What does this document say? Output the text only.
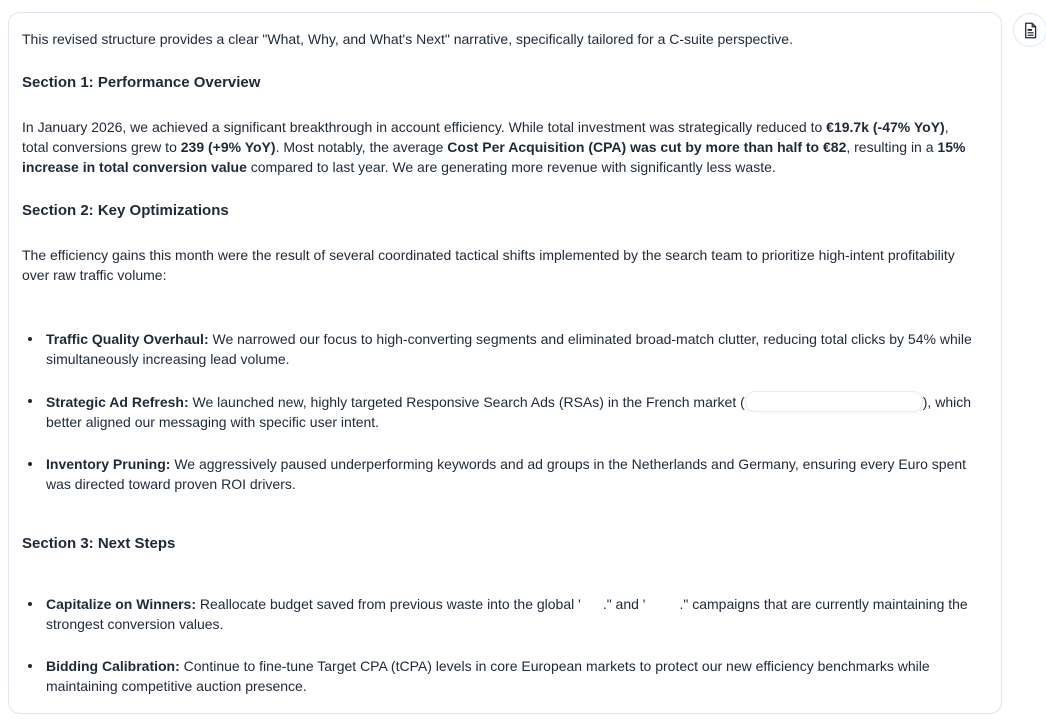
This revised structure provides a clear "What, Why, and What's Next" narrative, specifically tailored for a C-suite perspective.

Section 1: Performance Overview

In January 2026, we achieved a significant breakthrough in account efficiency. While total investment was strategically reduced to €19.7k (-47% YoY), total conversions grew to 239 (+9% YoY). Most notably, the average Cost Per Acquisition (CPA) was cut by more than half to €82, resulting in a 15% increase in total conversion value compared to last year. We are generating more revenue with significantly less waste.

Section 2: Key Optimizations

The efficiency gains this month were the result of several coordinated tactical shifts implemented by the search team to prioritize high-intent profitability over raw traffic volume:

Traffic Quality Overhaul: We narrowed our focus to high-converting segments and eliminated broad-match clutter, reducing total clicks by 54% while simultaneously increasing lead volume.
Strategic Ad Refresh: We launched new, highly targeted Responsive Search Ads (RSAs) in the French market (	), which better aligned our messaging with specific user intent.
Inventory Pruning: We aggressively paused underperforming keywords and ad groups in the Netherlands and Germany, ensuring every Euro spent was directed toward proven ROI drivers.
Section 3: Next Steps
Capitalize on Winners: Reallocate budget saved from previous waste into the global ' ." and ' ." campaigns that are currently maintaining the strongest conversion values.
Bidding Calibration: Continue to fine-tune Target CPA (tCPA) levels in core European markets to protect our new efficiency benchmarks while maintaining competitive auction presence.
